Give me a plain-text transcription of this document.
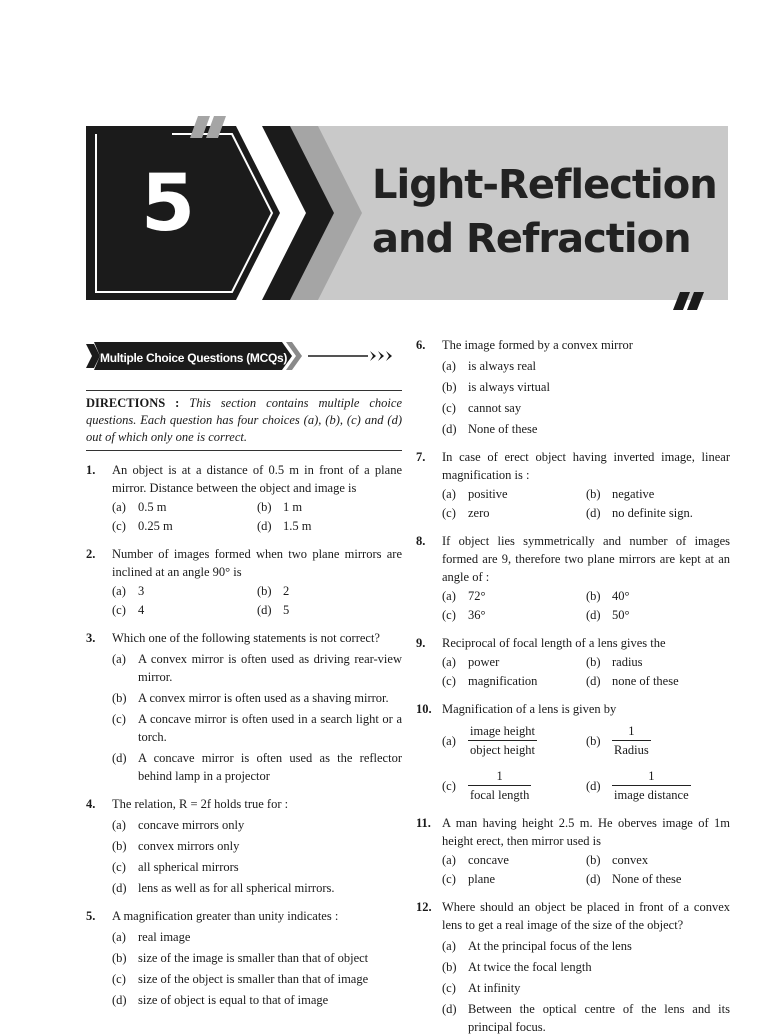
5	Light-Reflection
and Refraction
Multiple Choice Questions (MCQs)
DIRECTIONS : This section contains multiple choice questions. Each question has four choices (a), (b), (c) and (d) out of which only one is correct.
1.	An object is at a distance of 0.5 m in front of a plane mirror. Distance between the object and image is
(a) 0.5 m	(b) 1 m
(c) 0.25 m	(d) 1.5 m
2.	Number of images formed when two plane mirrors are inclined at an angle 90° is
(a) 3	(b) 2
(c) 4	(d) 5
3.	Which one of the following statements is not correct?
(a) A convex mirror is often used as driving rear-view mirror.
(b) A convex mirror is often used as a shaving mirror.
(c) A concave mirror is often used in a search light or a torch.
(d) A concave mirror is often used as the reflector behind lamp in a projector
4.	The relation, R = 2f holds true for :
(a) concave mirrors only
(b) convex mirrors only
(c) all spherical mirrors
(d) lens as well as for all spherical mirrors.
5.	A magnification greater than unity indicates :
(a) real image
(b) size of the image is smaller than that of object
(c) size of the object is smaller than that of image
(d) size of object is equal to that of image
6.	The image formed by a convex mirror
(a) is always real
(b) is always virtual
(c) cannot say
(d) None of these
7.	In case of erect object having inverted image, linear magnification is :
(a) positive	(b) negative
(c) zero	(d) no definite sign.
8.	If object lies symmetrically and number of images formed are 9, therefore two plane mirrors are kept at an angle of :
(a) 72°	(b) 40°
(c) 36°	(d) 50°
9.	Reciprocal of focal length of a lens gives the
(a) power	(b) radius
(c) magnification	(d) none of these
10. Magnification of a lens is given by
$(a) \frac{\text{image height}}{\text{object height}}$	$(b) \frac{1}{\text{Radius}}$
$(c) \frac{1}{\text{focal length}}$	$(d) \frac{1}{\text{image distance}}$
11. A man having height 2.5 m. He oberves image of 1m height erect, then mirror used is
(a) concave	(b) convex
(c) plane	(d) None of these
12. Where should an object be placed in front of a convex lens to get a real image of the size of the object?
(a) At the principal focus of the lens
(b) At twice the focal length
(c) At infinity
(d) Between the optical centre of the lens and its principal focus.
